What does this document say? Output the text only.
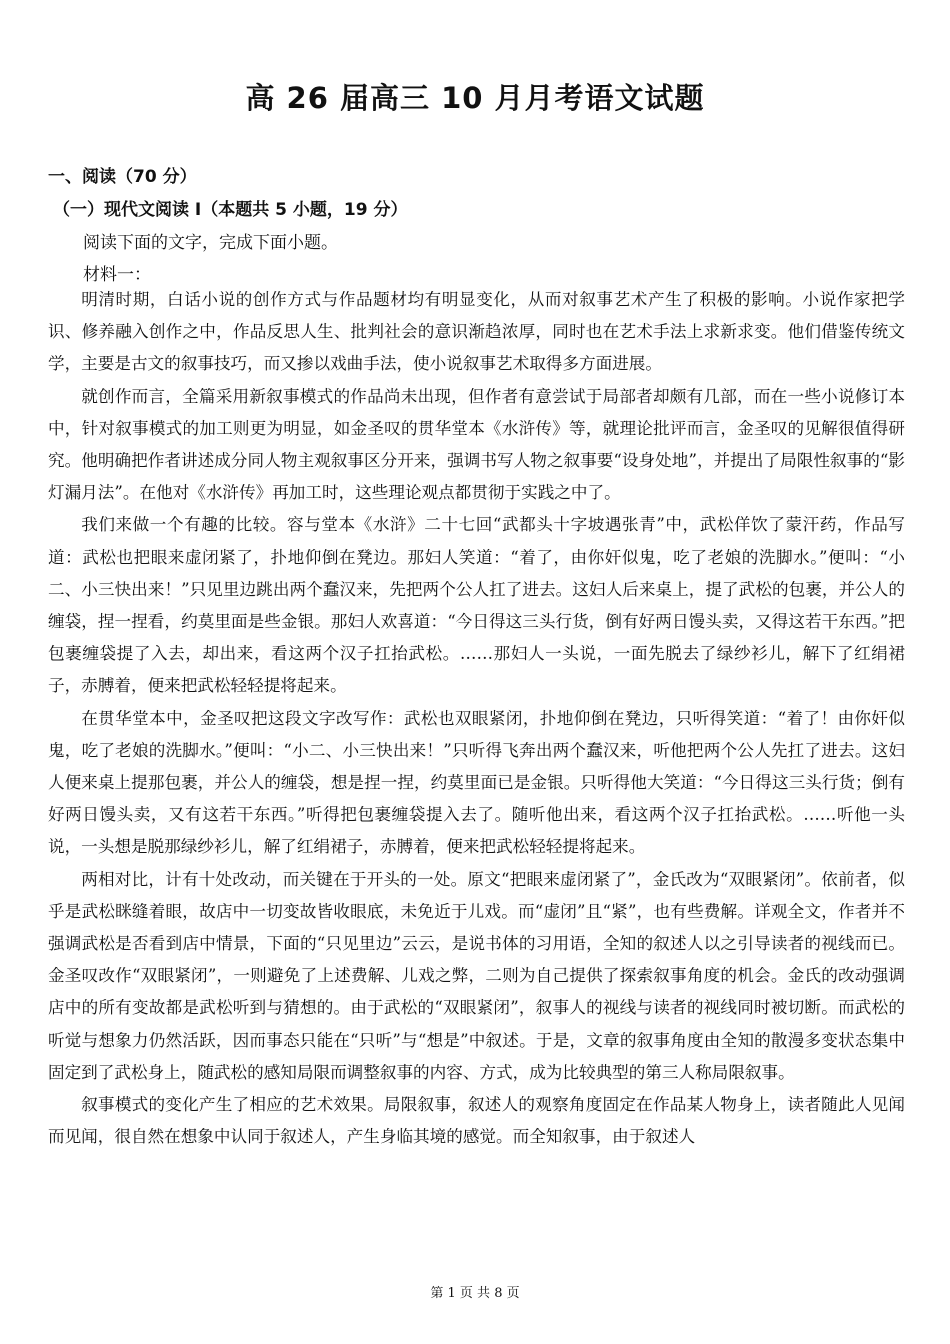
高 26 届高三 10 月月考语文试题
一、阅读（70 分）
（一）现代文阅读 I（本题共 5 小题，19 分）
阅读下面的文字，完成下面小题。
材料一：

明清时期，白话小说的创作方式与作品题材均有明显变化，从而对叙事艺术产生了积极的影响。小说作家把学识、修养融入创作之中，作品反思人生、批判社会的意识渐趋浓厚，同时也在艺术手法上求新求变。他们借鉴传统文学，主要是古文的叙事技巧，而又掺以戏曲手法，使小说叙事艺术取得多方面进展。

就创作而言，全篇采用新叙事模式的作品尚未出现，但作者有意尝试于局部者却颇有几部，而在一些小说修订本中，针对叙事模式的加工则更为明显，如金圣叹的贯华堂本《水浒传》等，就理论批评而言，金圣叹的见解很值得研究。他明确把作者讲述成分同人物主观叙事区分开来，强调书写人物之叙事要“设身处地”，并提出了局限性叙事的“影灯漏月法”。在他对《水浒传》再加工时，这些理论观点都贯彻于实践之中了。

我们来做一个有趣的比较。容与堂本《水浒》二十七回“武都头十字坡遇张青”中，武松佯饮了蒙汗药，作品写道：武松也把眼来虚闭紧了，扑地仰倒在凳边。那妇人笑道：“着了，由你奸似鬼，吃了老娘的洗脚水。”便叫：“小二、小三快出来！”只见里边跳出两个蠢汉来，先把两个公人扛了进去。这妇人后来桌上，提了武松的包裹，并公人的缠袋，捏一捏看，约莫里面是些金银。那妇人欢喜道：“今日得这三头行货，倒有好两日馒头卖，又得这若干东西。”把包裹缠袋提了入去，却出来，看这两个汉子扛抬武松。……那妇人一头说，一面先脱去了绿纱衫儿，解下了红绢裙子，赤膊着，便来把武松轻轻提将起来。

在贯华堂本中，金圣叹把这段文字改写作：武松也双眼紧闭，扑地仰倒在凳边，只听得笑道：“着了！由你奸似鬼，吃了老娘的洗脚水。”便叫：“小二、小三快出来！”只听得飞奔出两个蠢汉来，听他把两个公人先扛了进去。这妇人便来桌上提那包裹，并公人的缠袋，想是捏一捏，约莫里面已是金银。只听得他大笑道：“今日得这三头行货；倒有好两日馒头卖，又有这若干东西。”听得把包裹缠袋提入去了。随听他出来，看这两个汉子扛抬武松。……听他一头说，一头想是脱那绿纱衫儿，解了红绢裙子，赤膊着，便来把武松轻轻提将起来。

两相对比，计有十处改动，而关键在于开头的一处。原文“把眼来虚闭紧了”，金氏改为“双眼紧闭”。依前者，似乎是武松眯缝着眼，故店中一切变故皆收眼底，未免近于儿戏。而“虚闭”且“紧”，也有些费解。详观全文，作者并不强调武松是否看到店中情景，下面的“只见里边”云云，是说书体的习用语，全知的叙述人以之引导读者的视线而已。金圣叹改作“双眼紧闭”，一则避免了上述费解、儿戏之弊，二则为自己提供了探索叙事角度的机会。金氏的改动强调店中的所有变故都是武松听到与猜想的。由于武松的“双眼紧闭”，叙事人的视线与读者的视线同时被切断。而武松的听觉与想象力仍然活跃，因而事态只能在“只听”与“想是”中叙述。于是，文章的叙事角度由全知的散漫多变状态集中固定到了武松身上，随武松的感知局限而调整叙事的内容、方式，成为比较典型的第三人称局限叙事。

叙事模式的变化产生了相应的艺术效果。局限叙事，叙述人的观察角度固定在作品某人物身上，读者随此人见闻而见闻，很自然在想象中认同于叙述人，产生身临其境的感觉。而全知叙事，由于叙述人

第 1 页 共 8 页
